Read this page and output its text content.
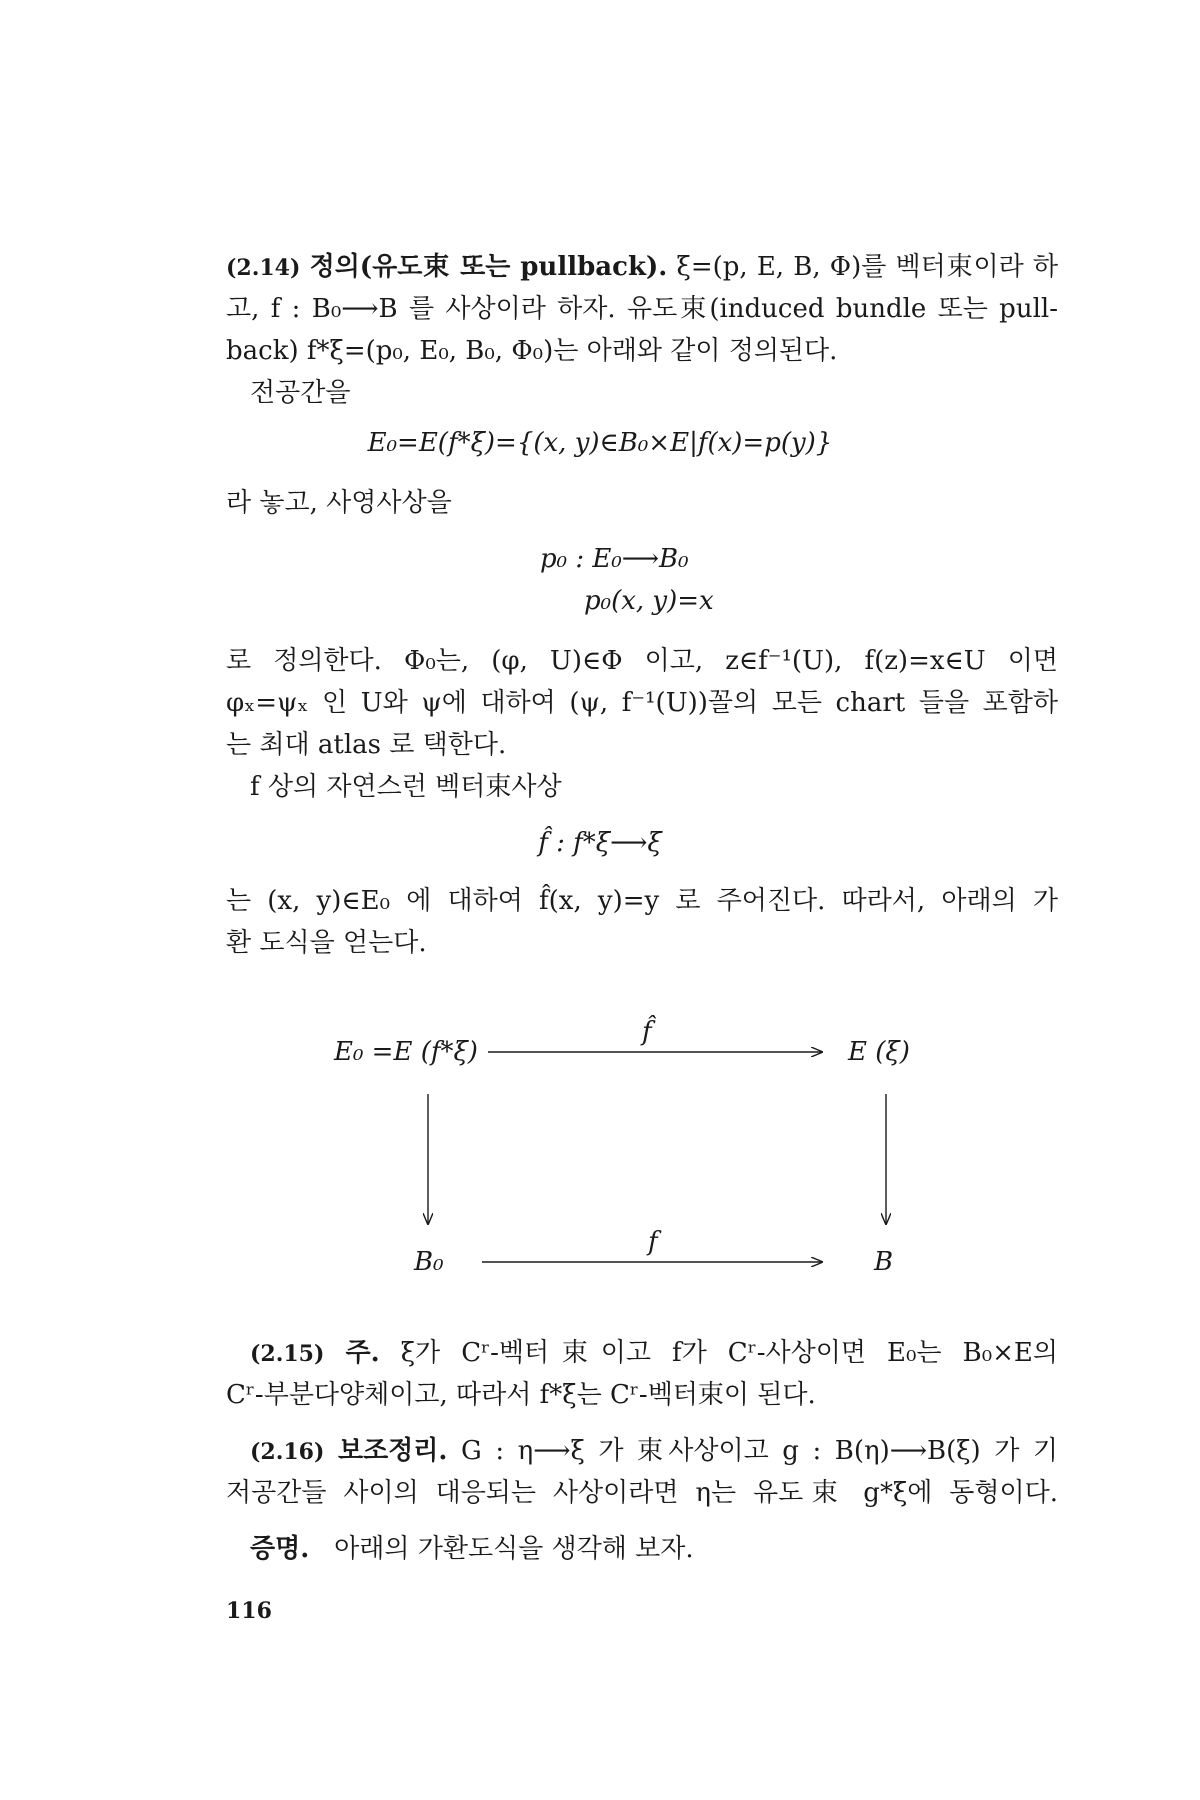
(2.14) 정의(유도束 또는 pullback). ξ=(p, E, B, Φ)를 벡터束이라 하
고, f : B₀⟶B 를 사상이라 하자. 유도束(induced bundle 또는 pull-
back) f*ξ=(p₀, E₀, B₀, Φ₀)는 아래와 같이 정의된다.
전공간을
E₀=E(f*ξ)={(x, y)∈B₀×E|f(x)=p(y)}
라 놓고, 사영사상을
p₀ : E₀⟶B₀
p₀(x, y)=x
로 정의한다. Φ₀는, (φ, U)∈Φ 이고, z∈f⁻¹(U), f(z)=x∈U 이면
φₓ=ψₓ 인 U와 ψ에 대하여 (ψ, f⁻¹(U))꼴의 모든 chart 들을 포함하
는 최대 atlas 로 택한다.
f 상의 자연스런 벡터束사상
f̂ : f*ξ⟶ξ
는 (x, y)∈E₀ 에 대하여 f̂(x, y)=y 로 주어진다. 따라서, 아래의 가
환 도식을 얻는다.
E₀ =E (f*ξ)	E (ξ)
B₀	B
f̂
f
(2.15) 주. ξ가 Cʳ-벡터束이고 f가 Cʳ-사상이면 E₀는 B₀×E의
Cʳ-부분다양체이고, 따라서 f*ξ는 Cʳ-벡터束이 된다.
(2.16) 보조정리. G : η⟶ξ 가 束사상이고 g : B(η)⟶B(ξ) 가 기
저공간들 사이의 대응되는 사상이라면 η는 유도束 g*ξ에 동형이다.
증명. 아래의 가환도식을 생각해 보자.
116
